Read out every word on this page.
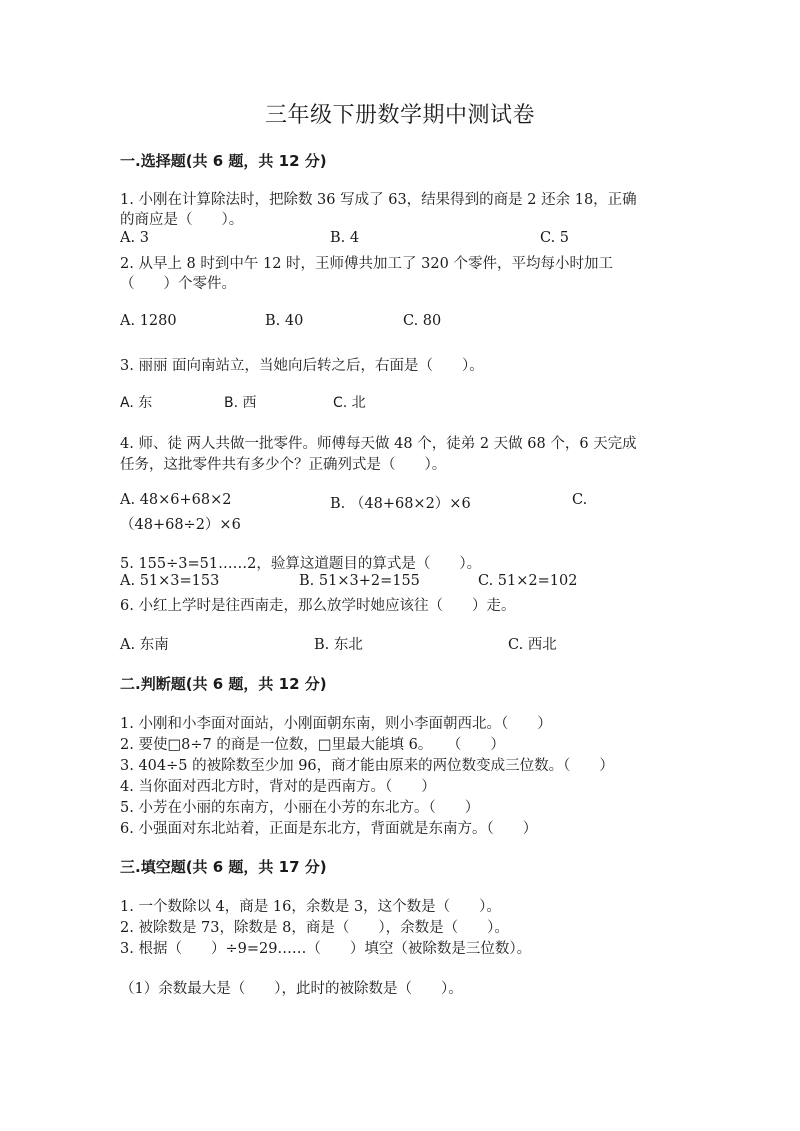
三年级下册数学期中测试卷
一.选择题(共 6 题，共 12 分)
1. 小刚在计算除法时，把除数 36 写成了 63，结果得到的商是 2 还余 18，正确
的商应是（　　）。
A. 3	B. 4	C. 5
2. 从早上 8 时到中午 12 时，王师傅共加工了 320 个零件，平均每小时加工
（　　）个零件。
A. 1280	B. 40	C. 80
3. 丽丽 面向南站立，当她向后转之后，右面是（　　）。
A. 东	B. 西	C. 北
4. 师、徒 两人共做一批零件。师傅每天做 48 个，徒弟 2 天做 68 个，6 天完成
任务，这批零件共有多少个？正确列式是（　　）。
A. 48×6+68×2	B. （48+68×2）×6	C.
（48+68÷2）×6
5. 155÷3=51……2，验算这道题目的算式是（　　）。
A. 51×3=153	B. 51×3+2=155	C. 51×2=102
6. 小红上学时是往西南走，那么放学时她应该往（　　）走。
A. 东南	B. 东北	C. 西北
二.判断题(共 6 题，共 12 分)
1. 小刚和小李面对面站，小刚面朝东南，则小李面朝西北。（　　）
2. 要使□8÷7 的商是一位数，□里最大能填 6。　　（　　）
3. 404÷5 的被除数至少加 96，商才能由原来的两位数变成三位数。（　　）
4. 当你面对西北方时，背对的是西南方。（　　）
5. 小芳在小丽的东南方，小丽在小芳的东北方。（　　）
6. 小强面对东北站着，正面是东北方，背面就是东南方。（　　）
三.填空题(共 6 题，共 17 分)
1. 一个数除以 4，商是 16，余数是 3，这个数是（　　）。
2. 被除数是 73，除数是 8，商是（　　），余数是（　　）。
3. 根据（　　）÷9=29……（　　）填空（被除数是三位数）。
（1）余数最大是（　　），此时的被除数是（　　）。
